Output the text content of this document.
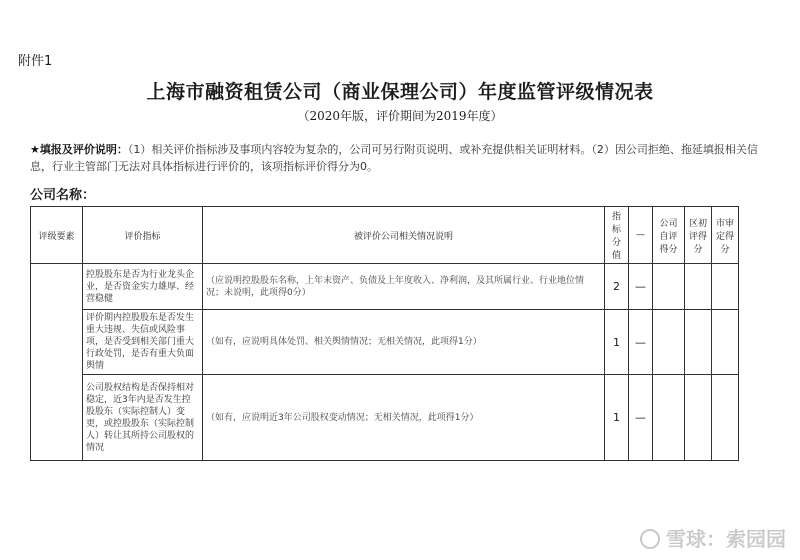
附件1
上海市融资租赁公司（商业保理公司）年度监管评级情况表
（2020年版，评价期间为2019年度）
★填报及评价说明：（1）相关评价指标涉及事项内容较为复杂的，公司可另行附页说明、或补充提供相关证明材料。（2）因公司拒绝、拖延填报相关信息，行业主管部门无法对具体指标进行评价的，该项指标评价得分为0。
公司名称：
评级要素	评价指标	被评价公司相关情况说明	指标分值	—	公司自评得分	区初评得分	市审定得分
	控股股东是否为行业龙头企业，是否资金实力雄厚、经营稳健	（应说明控股股东名称，上年末资产、负债及上年度收入、净利润，及其所属行业、行业地位情况；未说明，此项得0分）	2	—			
	评价期内控股股东是否发生重大违规、失信或风险事项，是否受到相关部门重大行政处罚，是否有重大负面舆情	（如有，应说明具体处罚、相关舆情情况；无相关情况，此项得1分）	1	—			
	公司股权结构是否保持相对稳定，近3年内是否发生控股股东（实际控制人）变更，或控股股东（实际控制人）转让其所持公司股权的情况	（如有，应说明近3年公司股权变动情况；无相关情况，此项得1分）	1	—			
雪球：索园园
